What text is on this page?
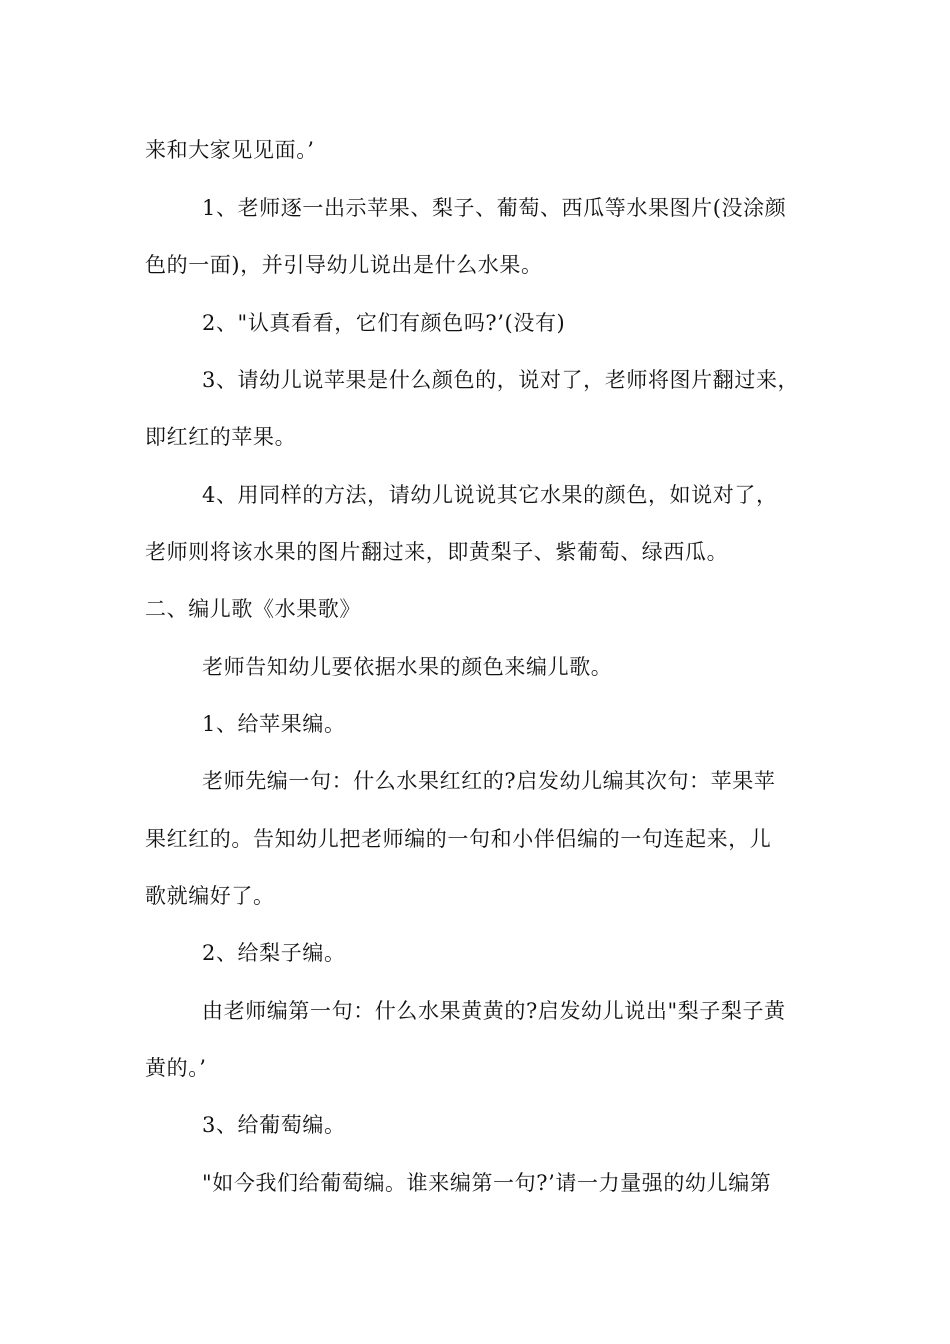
来和大家见见面。’
1、老师逐一出示苹果、梨子、葡萄、西瓜等水果图片(没涂颜
色的一面)，并引导幼儿说出是什么水果。
2、"认真看看，它们有颜色吗?’(没有)
3、请幼儿说苹果是什么颜色的，说对了，老师将图片翻过来，
即红红的苹果。
4、用同样的方法，请幼儿说说其它水果的颜色，如说对了，
老师则将该水果的图片翻过来，即黄梨子、紫葡萄、绿西瓜。
二、编儿歌《水果歌》
老师告知幼儿要依据水果的颜色来编儿歌。
1、给苹果编。
老师先编一句：什么水果红红的?启发幼儿编其次句：苹果苹
果红红的。告知幼儿把老师编的一句和小伴侣编的一句连起来，儿
歌就编好了。
2、给梨子编。
由老师编第一句：什么水果黄黄的?启发幼儿说出"梨子梨子黄
黄的。’
3、给葡萄编。
"如今我们给葡萄编。谁来编第一句?’请一力量强的幼儿编第
